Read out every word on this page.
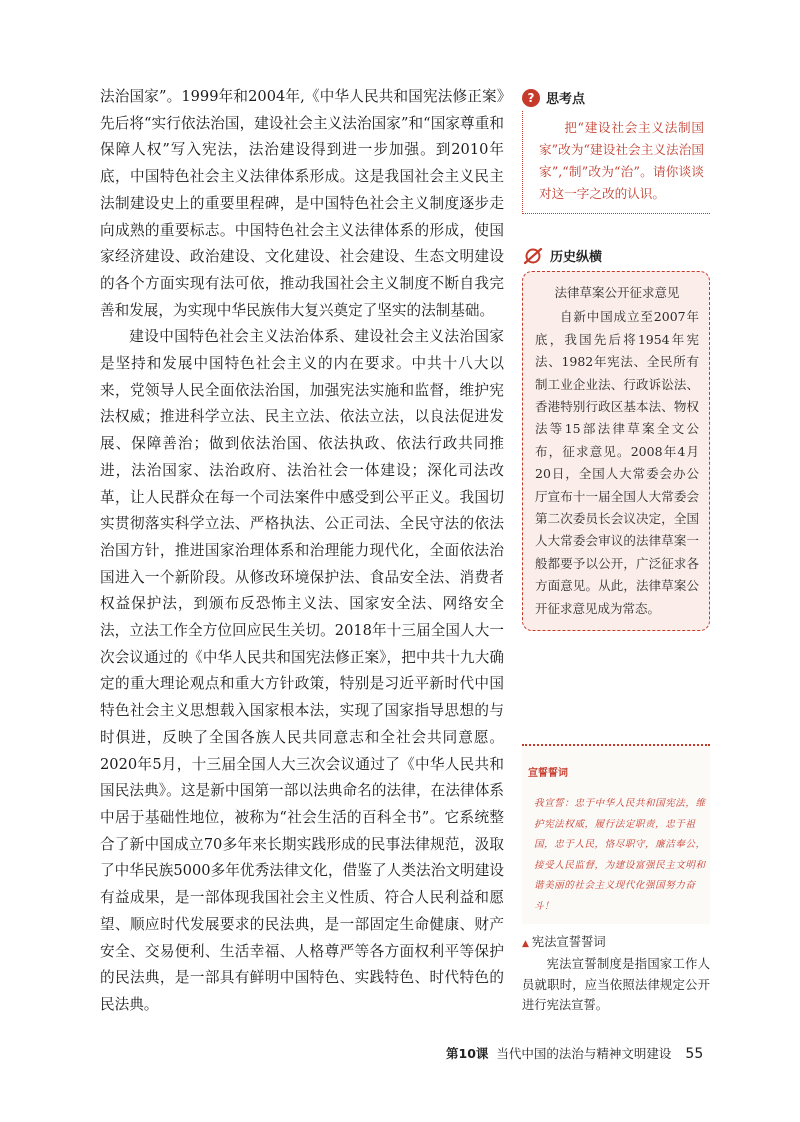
法治国家”。1999年和2004年,《中华人民共和国宪法修正案》先后将“实行依法治国，建设社会主义法治国家”和“国家尊重和保障人权”写入宪法，法治建设得到进一步加强。到2010年底，中国特色社会主义法律体系形成。这是我国社会主义民主法制建设史上的重要里程碑，是中国特色社会主义制度逐步走向成熟的重要标志。中国特色社会主义法律体系的形成，使国家经济建设、政治建设、文化建设、社会建设、生态文明建设的各个方面实现有法可依，推动我国社会主义制度不断自我完善和发展，为实现中华民族伟大复兴奠定了坚实的法制基础。

建设中国特色社会主义法治体系、建设社会主义法治国家是坚持和发展中国特色社会主义的内在要求。中共十八大以来，党领导人民全面依法治国，加强宪法实施和监督，维护宪法权威；推进科学立法、民主立法、依法立法，以良法促进发展、保障善治；做到依法治国、依法执政、依法行政共同推进，法治国家、法治政府、法治社会一体建设；深化司法改革，让人民群众在每一个司法案件中感受到公平正义。我国切实贯彻落实科学立法、严格执法、公正司法、全民守法的依法治国方针，推进国家治理体系和治理能力现代化，全面依法治国进入一个新阶段。从修改环境保护法、食品安全法、消费者权益保护法，到颁布反恐怖主义法、国家安全法、网络安全法，立法工作全方位回应民生关切。2018年十三届全国人大一次会议通过的《中华人民共和国宪法修正案》，把中共十九大确定的重大理论观点和重大方针政策，特别是习近平新时代中国特色社会主义思想载入国家根本法，实现了国家指导思想的与时俱进，反映了全国各族人民共同意志和全社会共同意愿。2020年5月，十三届全国人大三次会议通过了《中华人民共和国民法典》。这是新中国第一部以法典命名的法律，在法律体系中居于基础性地位，被称为“社会生活的百科全书”。它系统整合了新中国成立70多年来长期实践形成的民事法律规范，汲取了中华民族5000多年优秀法律文化，借鉴了人类法治文明建设有益成果，是一部体现我国社会主义性质、符合人民利益和愿望、顺应时代发展要求的民法典，是一部固定生命健康、财产安全、交易便利、生活幸福、人格尊严等各方面权利平等保护的民法典，是一部具有鲜明中国特色、实践特色、时代特色的民法典。

? 思考点
把“建设社会主义法制国家”改为“建设社会主义法治国家”,“制”改为“治”。请你谈谈对这一字之改的认识。
历史纵横
法律草案公开征求意见
自新中国成立至2007年底，我国先后将1954年宪法、1982年宪法、全民所有制工业企业法、行政诉讼法、香港特别行政区基本法、物权法等15部法律草案全文公布，征求意见。2008年4月20日，全国人大常委会办公厅宣布十一届全国人大常委会第二次委员长会议决定，全国人大常委会审议的法律草案一般都要予以公开，广泛征求各方面意见。从此，法律草案公开征求意见成为常态。
宣誓誓词
我宣誓：忠于中华人民共和国宪法，维护宪法权威，履行法定职责，忠于祖国，忠于人民，恪尽职守，廉洁奉公，接受人民监督，为建设富强民主文明和谐美丽的社会主义现代化强国努力奋斗！
▲ 宪法宣誓誓词
宪法宣誓制度是指国家工作人员就职时，应当依照法律规定公开进行宪法宣誓。
第10课 当代中国的法治与精神文明建设 55
